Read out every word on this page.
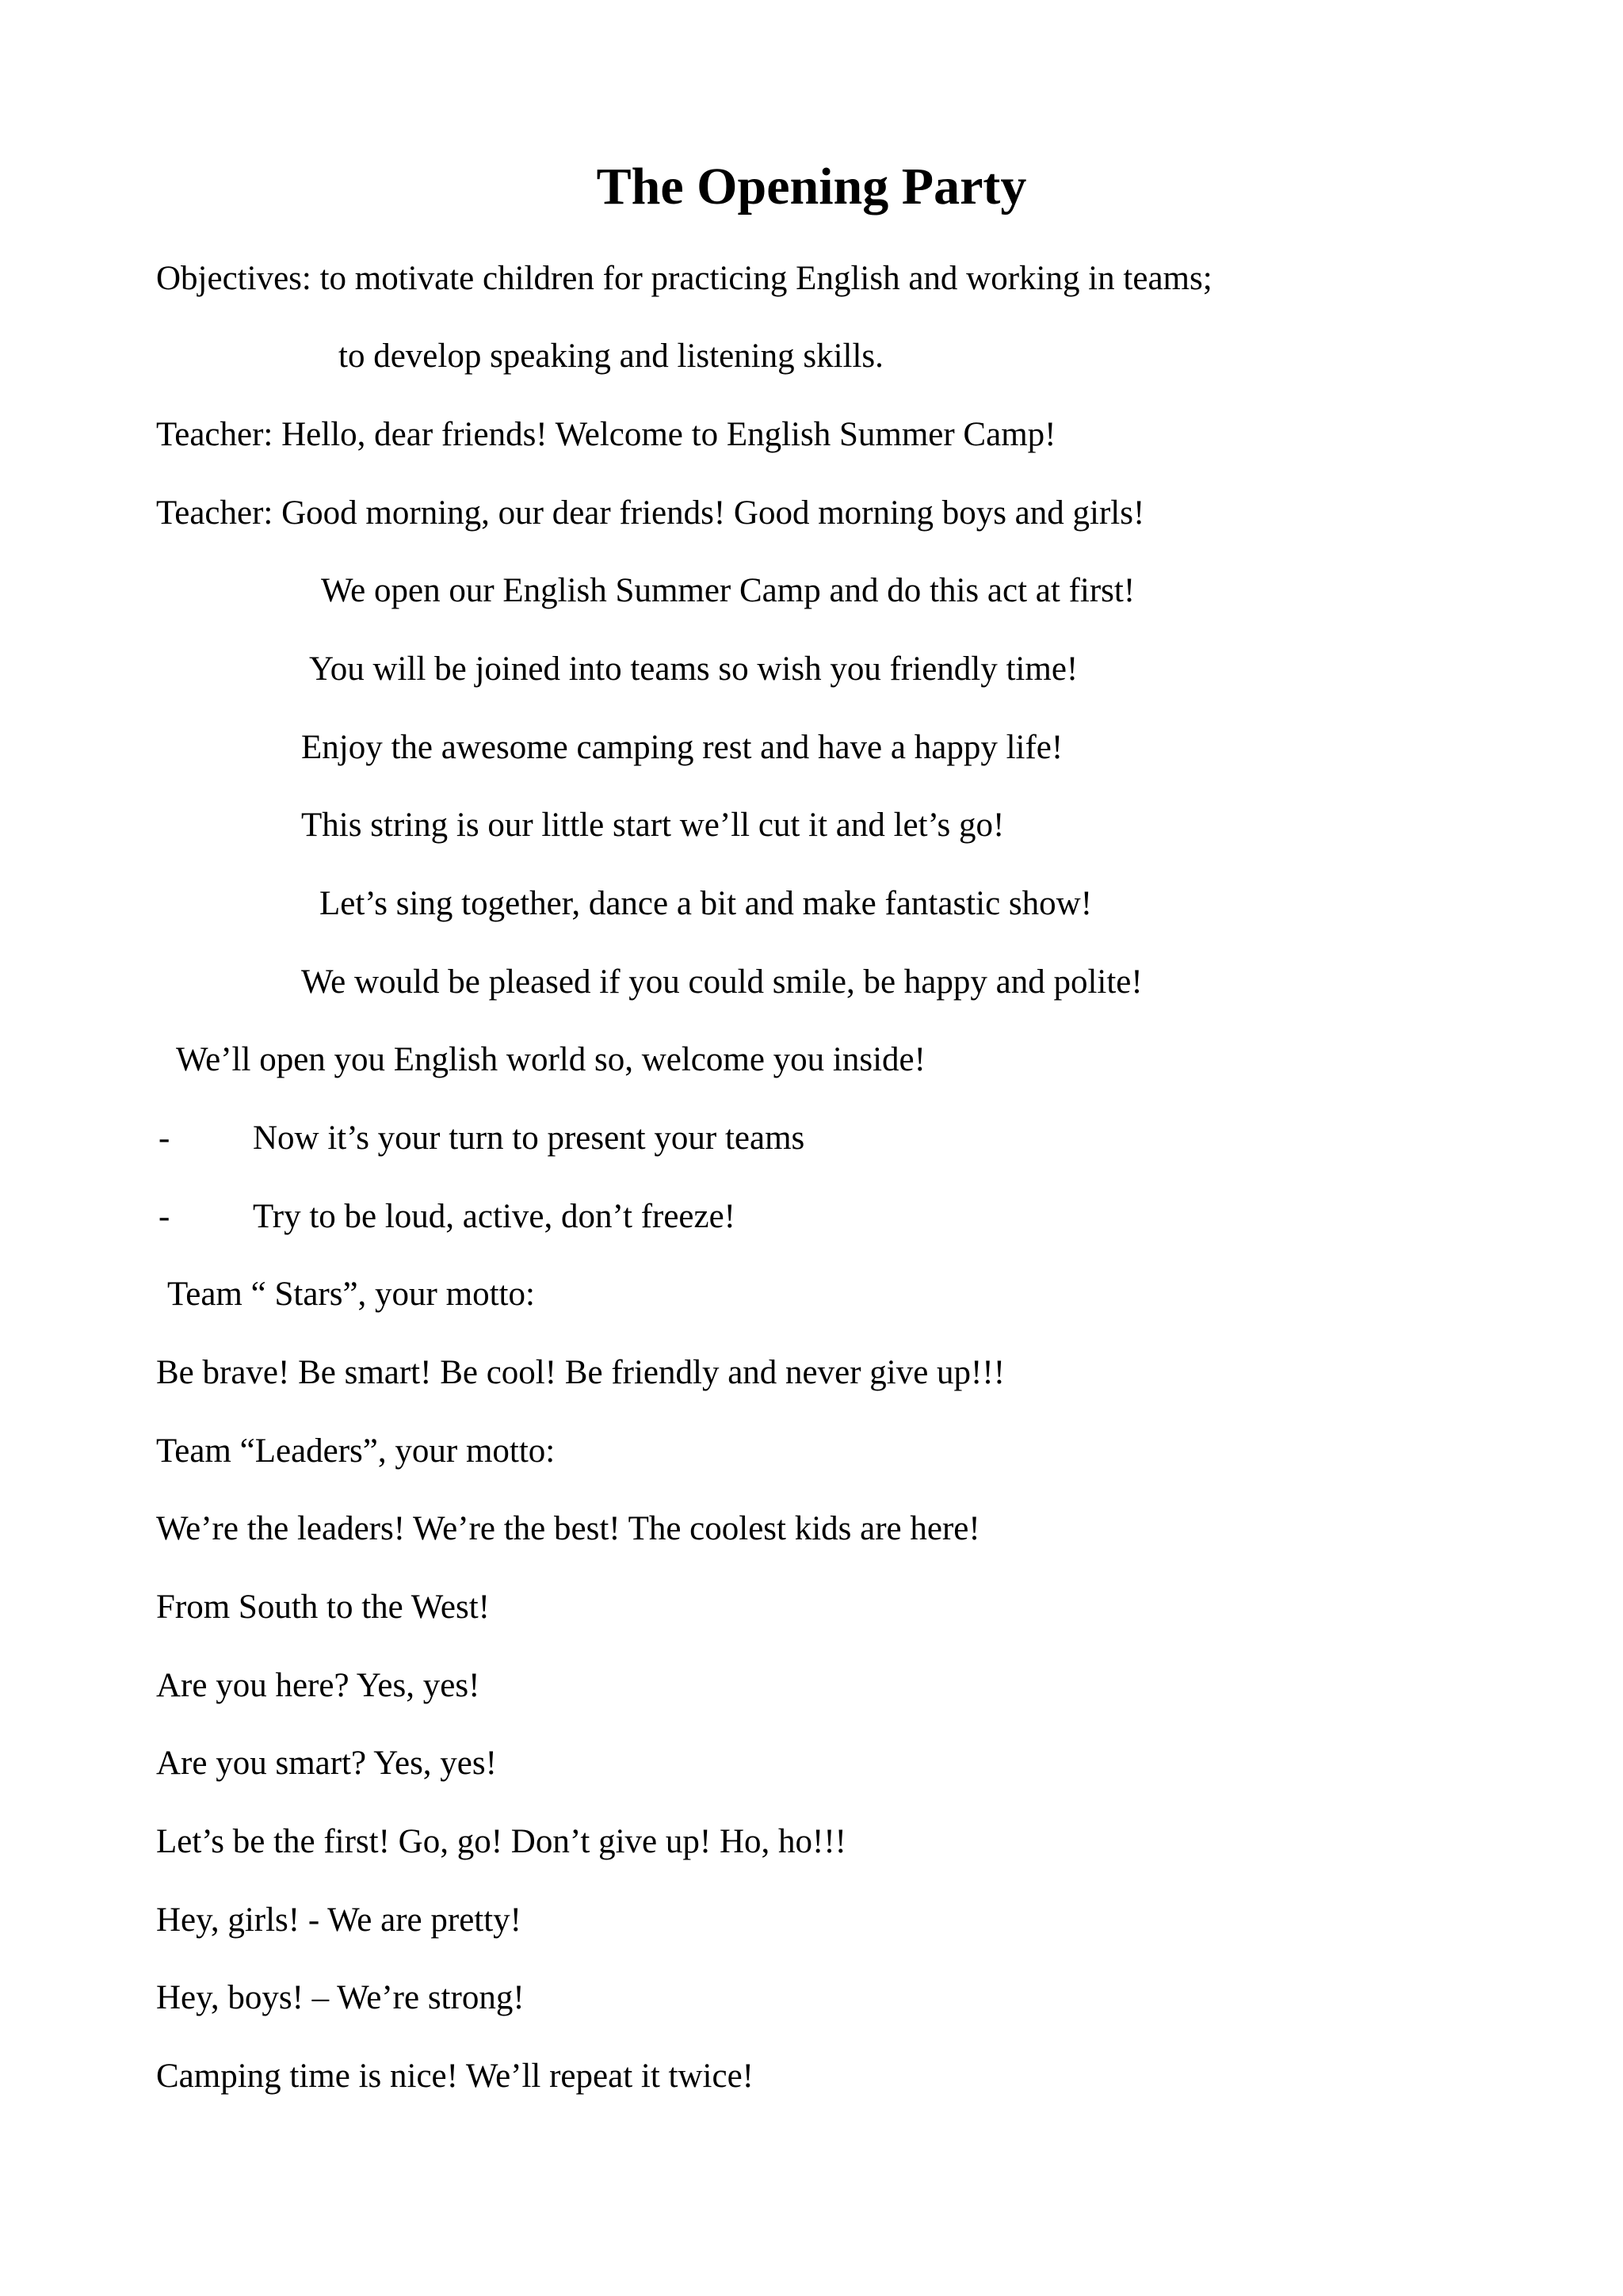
The Opening Party
Objectives: to motivate children for practicing English and working in teams;
to develop speaking and listening skills.
Teacher: Hello, dear friends! Welcome to English Summer Camp!
Teacher: Good morning, our dear friends! Good morning boys and girls!
We open our English Summer Camp and do this act at first!
You will be joined into teams so wish you friendly time!
Enjoy the awesome camping rest and have a happy life!
This string is our little start we’ll cut it and let’s go!
Let’s sing together, dance a bit and make fantastic show!
We would be pleased if you could smile, be happy and polite!
We’ll open you English world so, welcome you inside!
- Now it’s your turn to present your teams
- Try to be loud, active, don’t freeze!
Team “ Stars”, your motto:
Be brave! Be smart! Be cool! Be friendly and never give up!!!
Team “Leaders”, your motto:
We’re the leaders! We’re the best! The coolest kids are here!
From South to the West!
Are you here? Yes, yes!
Are you smart? Yes, yes!
Let’s be the first! Go, go! Don’t give up! Ho, ho!!!
Hey, girls! - We are pretty!
Hey, boys! – We’re strong!
Camping time is nice! We’ll repeat it twice!
